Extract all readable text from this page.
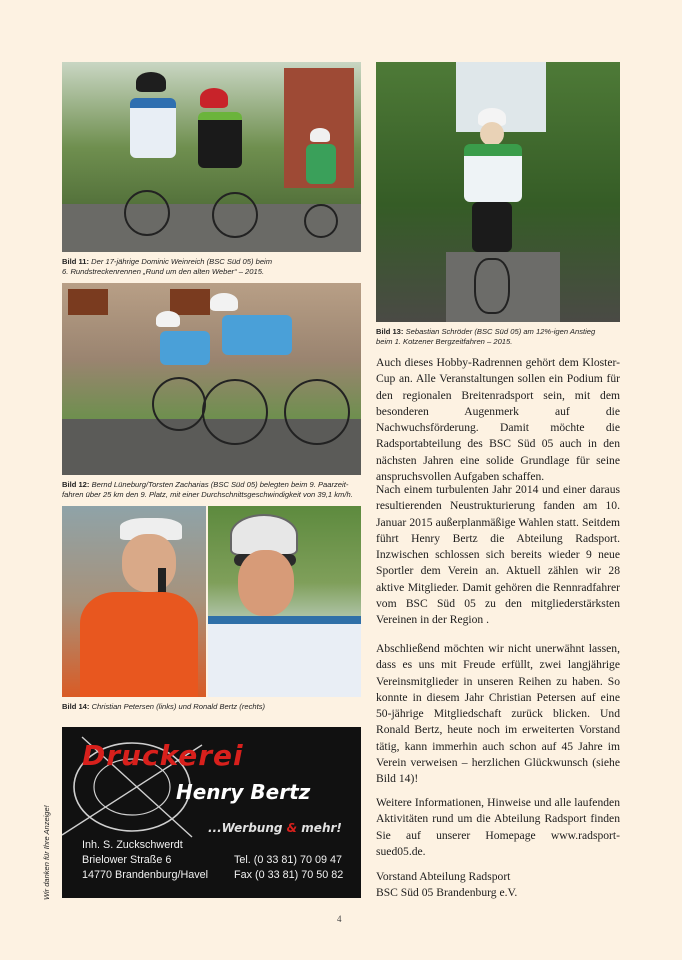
Bild 11: Der 17-jährige Dominic Weinreich (BSC Süd 05) beim
6. Rundstreckenrennen „Rund um den alten Weber“ – 2015.
Bild 12: Bernd Lüneburg/Torsten Zacharias (BSC Süd 05) belegten beim 9. Paarzeit-
fahren über 25 km den 9. Platz, mit einer Durchschnittsgeschwindigkeit von 39,1 km/h.
Bild 14: Christian Petersen (links) und Ronald Bertz (rechts)
Bild 13: Sebastian Schröder (BSC Süd 05) am 12%-igen Anstieg
beim 1. Kotzener Bergzeitfahren – 2015.

Auch dieses Hobby-Radrennen gehört dem Kloster-Cup an. Alle Veranstaltungen sollen ein Podium für den regionalen Breitenradsport sein, mit dem besonderen Augenmerk auf die Nachwuchsförderung. Damit möchte die Radsportabteilung des BSC Süd 05 auch in den nächsten Jahren eine solide Grundlage für seine anspruchsvollen Aufgaben schaffen.

Nach einem turbulenten Jahr 2014 und einer daraus resultierenden Neustrukturierung fanden am 10. Januar 2015 außerplanmäßige Wahlen statt. Seitdem führt Henry Bertz die Abteilung Radsport. Inzwischen schlossen sich bereits wieder 9 neue Sportler dem Verein an. Aktuell zählen wir 28 aktive Mitglieder. Damit gehören die Rennradfahrer vom BSC Süd 05 zu den mitgliederstärksten Vereinen in der Region .

Abschließend möchten wir nicht unerwähnt lassen, dass es uns mit Freude erfüllt, zwei langjährige Vereinsmitglieder in unseren Reihen zu haben. So konnte in diesem Jahr Christian Petersen auf eine 50-jährige Mitgliedschaft zurück blicken. Und Ronald Bertz, heute noch im erweiterten Vorstand tätig, kann immerhin auch schon auf 45 Jahre im Verein verweisen – herzlichen Glückwunsch (siehe Bild 14)!

Weitere Informationen, Hinweise und alle laufenden Aktivitäten rund um die Abteilung Radsport finden Sie auf unserer Homepage www.radsport-sued05.de.

Vorstand Abteilung Radsport

BSC Süd 05 Brandenburg e.V.

Druckerei
Henry Bertz
...Werbung & mehr!
Inh. S. Zuckschwerdt
Brielower Straße 6
14770 Brandenburg/Havel
Tel. (0 33 81) 70 09 47
Fax (0 33 81) 70 50 82
Wir danken für Ihre Anzeige!
4
